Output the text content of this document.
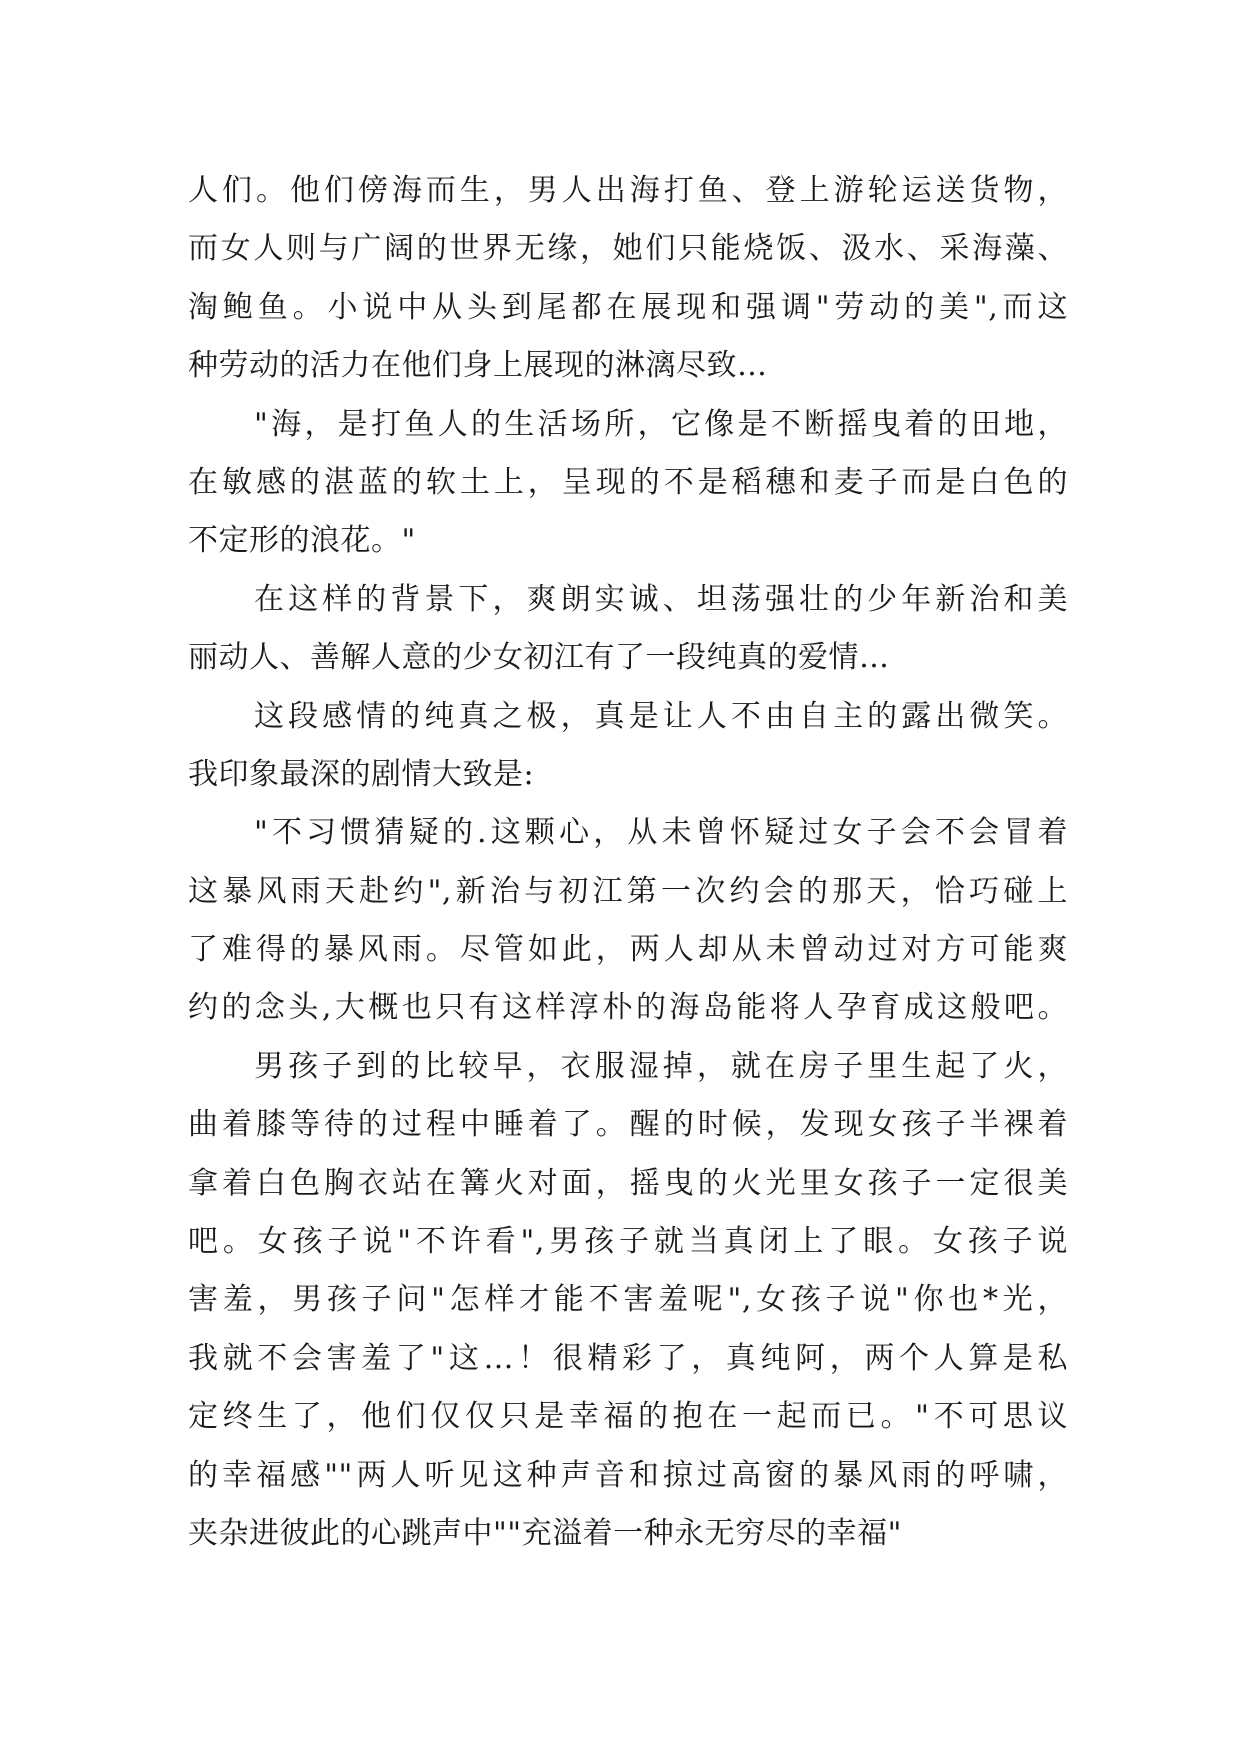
人们。他们傍海而生，男人出海打鱼、登上游轮运送货物，
而女人则与广阔的世界无缘，她们只能烧饭、汲水、采海藻、
淘鲍鱼。小说中从头到尾都在展现和强调"劳动的美",而这
种劳动的活力在他们身上展现的淋漓尽致…
"海，是打鱼人的生活场所，它像是不断摇曳着的田地，
在敏感的湛蓝的软土上，呈现的不是稻穗和麦子而是白色的
不定形的浪花。"
在这样的背景下，爽朗实诚、坦荡强壮的少年新治和美
丽动人、善解人意的少女初江有了一段纯真的爱情…
这段感情的纯真之极，真是让人不由自主的露出微笑。
我印象最深的剧情大致是:
"不习惯猜疑的.这颗心，从未曾怀疑过女子会不会冒着
这暴风雨天赴约",新治与初江第一次约会的那天，恰巧碰上
了难得的暴风雨。尽管如此，两人却从未曾动过对方可能爽
约的念头,大概也只有这样淳朴的海岛能将人孕育成这般吧。
男孩子到的比较早，衣服湿掉，就在房子里生起了火，
曲着膝等待的过程中睡着了。醒的时候，发现女孩子半裸着
拿着白色胸衣站在篝火对面，摇曳的火光里女孩子一定很美
吧。女孩子说"不许看",男孩子就当真闭上了眼。女孩子说
害羞，男孩子问"怎样才能不害羞呢",女孩子说"你也*光，
我就不会害羞了"这…！很精彩了，真纯阿，两个人算是私
定终生了，他们仅仅只是幸福的抱在一起而已。"不可思议
的幸福感""两人听见这种声音和掠过高窗的暴风雨的呼啸，
夹杂进彼此的心跳声中""充溢着一种永无穷尽的幸福"
